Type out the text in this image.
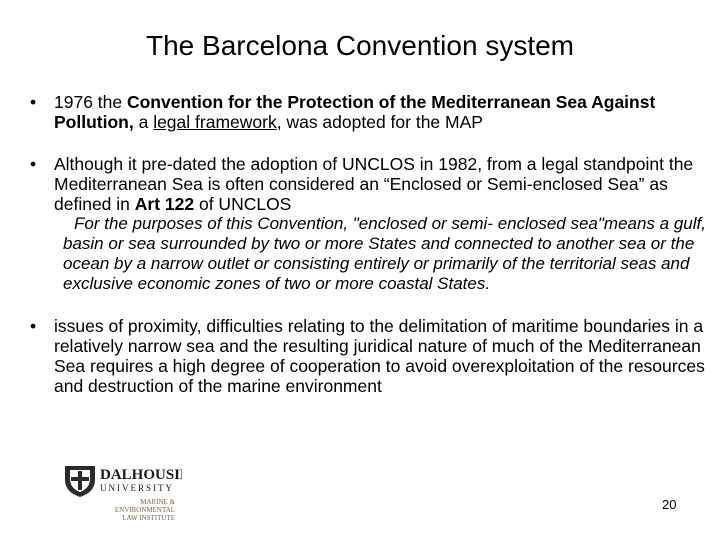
The Barcelona Convention system
• 1976 the Convention for the Protection of the Mediterranean Sea Against Pollution, a legal framework, was adopted for the MAP
• Although it pre-dated the adoption of UNCLOS in 1982, from a legal standpoint the Mediterranean Sea is often considered an “Enclosed or Semi-enclosed Sea” as defined in Art 122 of UNCLOS
For the purposes of this Convention, "enclosed or semi- enclosed sea"means a gulf, basin or sea surrounded by two or more States and connected to another sea or the ocean by a narrow outlet or consisting entirely or primarily of the territorial seas and exclusive economic zones of two or more coastal States.
• issues of proximity, difficulties relating to the delimitation of maritime boundaries in a relatively narrow sea and the resulting juridical nature of much of the Mediterranean Sea requires a high degree of cooperation to avoid overexploitation of the resources and destruction of the marine environment
DALHOUSIE
UNIVERSITY
MARINE &
ENVIRONMENTAL
LAW INSTITUTE
20
